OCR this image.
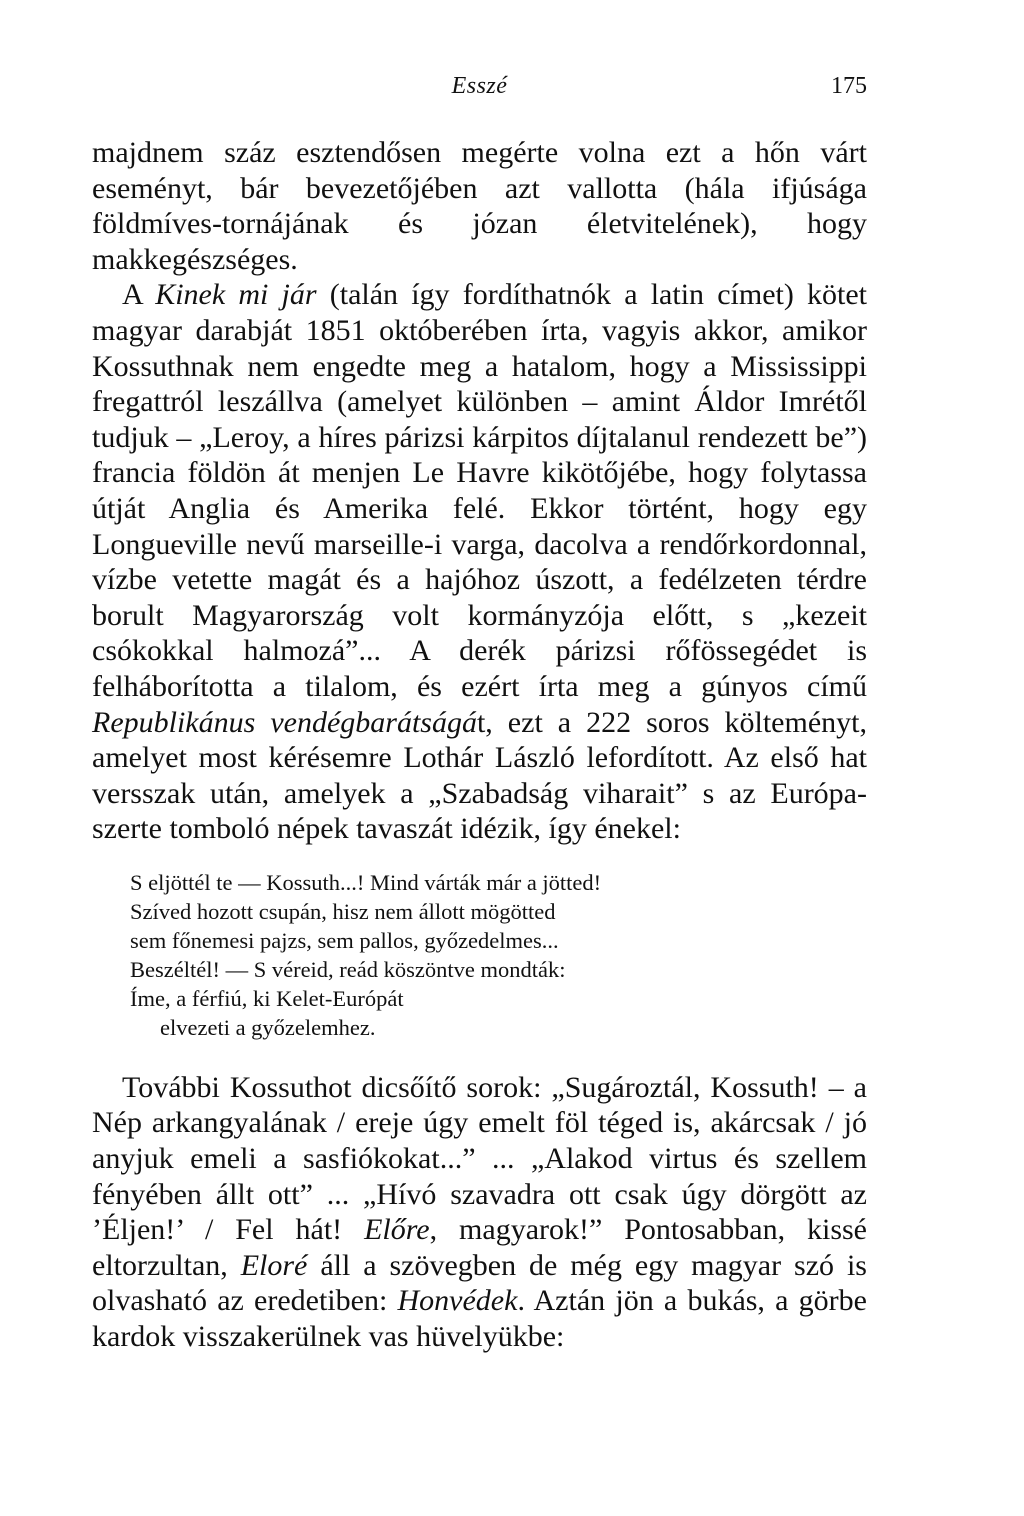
Esszé	175

majdnem száz esztendősen megérte volna ezt a hőn várt eseményt, bár bevezetőjében azt vallotta (hála ifjúsága földmíves-tornájának és józan életvitelének), hogy makkegészséges.

A Kinek mi jár (talán így fordíthatnók a latin címet) kötet magyar darabját 1851 októberében írta, vagyis akkor, amikor Kossuthnak nem engedte meg a hatalom, hogy a Mississippi fregattról leszállva (amelyet különben – amint Áldor Imrétől tudjuk – „Leroy, a híres párizsi kárpitos díjtalanul rendezett be”) francia földön át menjen Le Havre kikötőjébe, hogy folytassa útját Anglia és Amerika felé. Ekkor történt, hogy egy Longueville nevű marseille-i varga, dacolva a rendőrkordonnal, vízbe vetette magát és a hajóhoz úszott, a fedélzeten térdre borult Magyarország volt kormányzója előtt, s „kezeit csókokkal halmozá”... A derék párizsi rőfössegédet is felháborította a tilalom, és ezért írta meg a gúnyos című Republikánus vendégbarátságát, ezt a 222 soros költeményt, amelyet most kérésemre Lothár László lefordított. Az első hat versszak után, amelyek a „Szabadság viharait” s az Európa-szerte tomboló népek tavaszát idézik, így énekel:

S eljöttél te — Kossuth...! Mind várták már a jötted!
Szíved hozott csupán, hisz nem állott mögötted
sem főnemesi pajzs, sem pallos, győzedelmes...
Beszéltél! — S véreid, reád köszöntve mondták:
Íme, a férfiú, ki Kelet-Európát
elvezeti a győzelemhez.

További Kossuthot dicsőítő sorok: „Sugároztál, Kossuth! – a Nép arkangyalának / ereje úgy emelt föl téged is, akárcsak / jó anyjuk emeli a sasfiókokat...” ... „Alakod virtus és szellem fényében állt ott” ... „Hívó szavadra ott csak úgy dörgött az ’Éljen!’ / Fel hát! Előre, magyarok!” Pontosabban, kissé eltorzultan, Eloré áll a szövegben de még egy magyar szó is olvasható az eredetiben: Honvédek. Aztán jön a bukás, a görbe kardok visszakerülnek vas hüvelyükbe:
